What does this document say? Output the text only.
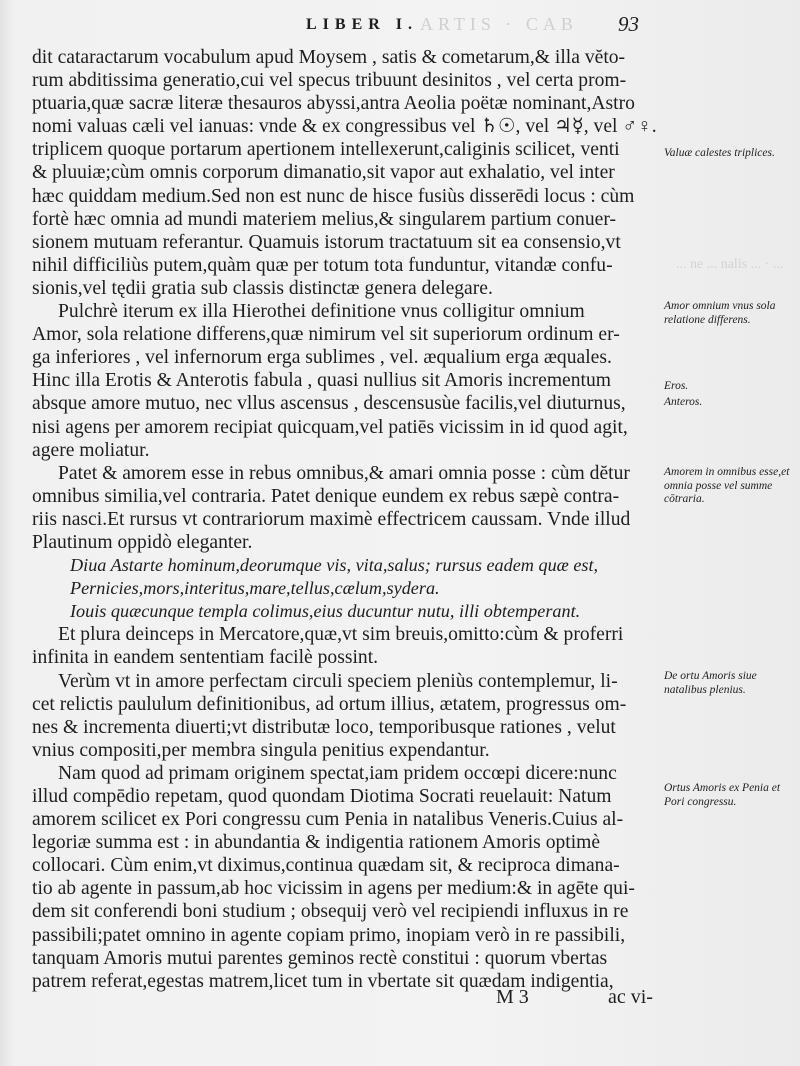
ARTIS · CAB
LIBER I.	93
... ne ... nalis ... · ...
dit cataractarum vocabulum apud Moysem , satis & cometarum,& illa vĕto-
rum abditissima generatio,cui vel specus tribuunt desinitos , vel certa prom-
ptuaria,quæ sacræ literæ thesauros abyssi,antra Aeolia poëtæ nominant,Astro
nomi valuas cæli vel ianuas: vnde & ex congressibus vel ♄☉, vel ♃☿, vel ♂♀.
triplicem quoque portarum apertionem intellexerunt,caliginis scilicet, venti
& pluuiæ;cùm omnis corporum dimanatio,sit vapor aut exhalatio, vel inter
hæc quiddam medium.Sed non est nunc de hisce fusiùs disserēdi locus : cùm
fortè hæc omnia ad mundi materiem melius,& singularem partium conuer-
sionem mutuam referantur. Quamuis istorum tractatuum sit ea consensio,vt
nihil difficiliùs putem,quàm quæ per totum tota funduntur, vitandæ confu-
sionis,vel tędii gratia sub classis distinctæ genera delegare.
Pulchrè iterum ex illa Hierothei definitione vnus colligitur omnium
Amor, sola relatione differens,quæ nimirum vel sit superiorum ordinum er-
ga inferiores , vel infernorum erga sublimes , vel. æqualium erga æquales.
Hinc illa Erotis & Anterotis fabula , quasi nullius sit Amoris incrementum
absque amore mutuo, nec vllus ascensus , descensusùe facilis,vel diuturnus,
nisi agens per amorem recipiat quicquam,vel patiēs vicissim in id quod agit,
agere moliatur.
Patet & amorem esse in rebus omnibus,& amari omnia posse : cùm dĕtur
omnibus similia,vel contraria. Patet denique eundem ex rebus sæpè contra-
riis nasci.Et rursus vt contrariorum maximè effectricem caussam. Vnde illud
Plautinum oppidò eleganter.
Diua Astarte hominum,deorumque vis, vita,salus; rursus eadem quæ est,
Pernicies,mors,interitus,mare,tellus,cælum,sydera.
Iouis quæcunque templa colimus,eius ducuntur nutu, illi obtemperant.
Et plura deinceps in Mercatore,quæ,vt sim breuis,omitto:cùm & proferri
infinita in eandem sententiam facilè possint.
Verùm vt in amore perfectam circuli speciem pleniùs contemplemur, li-
cet relictis paululum definitionibus, ad ortum illius, ætatem, progressus om-
nes & incrementa diuerti;vt distributæ loco, temporibusque rationes , velut
vnius compositi,per membra singula penitius expendantur.
Nam quod ad primam originem spectat,iam pridem occœpi dicere:nunc
illud compēdio repetam, quod quondam Diotima Socrati reuelauit: Natum
amorem scilicet ex Pori congressu cum Penia in natalibus Veneris.Cuius al-
legoriæ summa est : in abundantia & indigentia rationem Amoris optimè
collocari. Cùm enim,vt diximus,continua quædam sit, & reciproca dimana-
tio ab agente in passum,ab hoc vicissim in agens per medium:& in agēte qui-
dem sit conferendi boni studium ; obsequij verò vel recipiendi influxus in re
passibili;patet omnino in agente copiam primo, inopiam verò in re passibili,
tanquam Amoris mutui parentes geminos rectè constitui : quorum vbertas
patrem referat,egestas matrem,licet tum in vbertate sit quædam indigentia,
Valuæ calestes triplices.
Amor omnium vnus sola relatione differens.
Eros.
Anteros.
Amorem in omnibus esse,et omnia posse vel summe cōtraria.
De ortu Amoris siue natalibus plenius.
Ortus Amoris ex Penia et Pori congressu.
M 3	ac vi-
